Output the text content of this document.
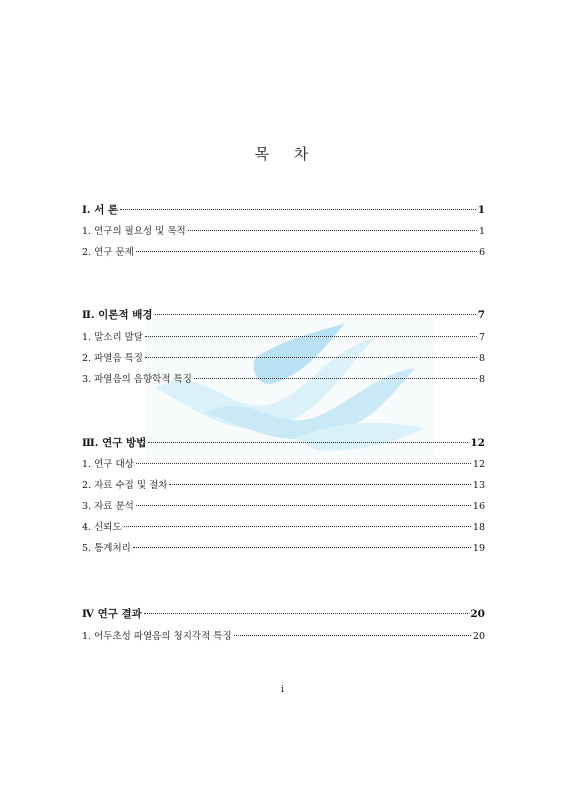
목 차
Ⅰ. 서 론	1
1. 연구의 필요성 및 목적	1
2. 연구 문제	6
Ⅱ. 이론적 배경	7
1. 말소리 발달	7
2. 파열음 특징	8
3. 파열음의 음향학적 특징	8
Ⅲ. 연구 방법	12
1. 연구 대상	12
2. 자료 수집 및 절차	13
3. 자료 분석	16
4. 신뢰도	18
5. 통계처리	19
Ⅳ 연구 결과	20
1. 어두초성 파열음의 청지각적 특징	20
i
